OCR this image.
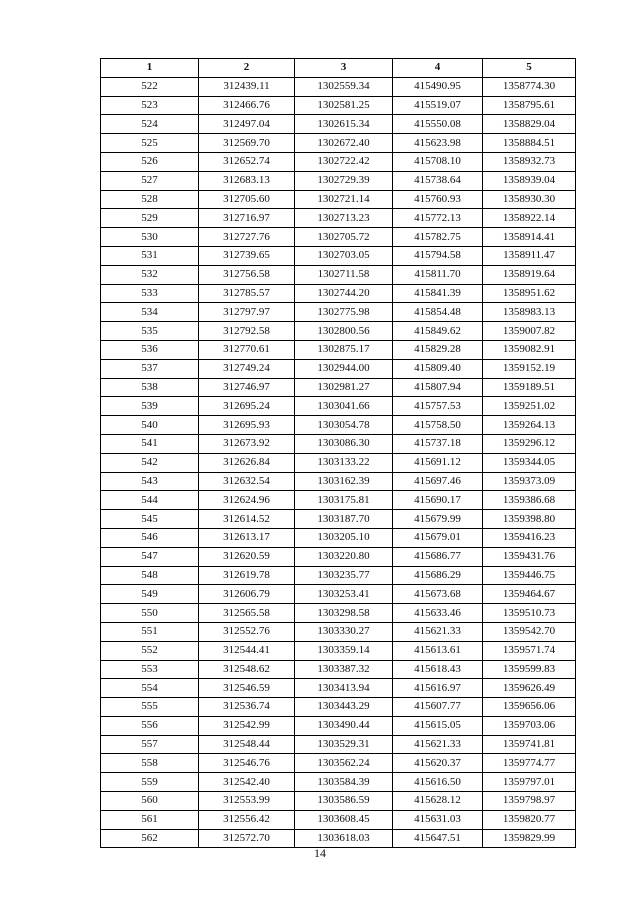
1	2	3	4	5
522	312439.11	1302559.34	415490.95	1358774.30
523	312466.76	1302581.25	415519.07	1358795.61
524	312497.04	1302615.34	415550.08	1358829.04
525	312569.70	1302672.40	415623.98	1358884.51
526	312652.74	1302722.42	415708.10	1358932.73
527	312683.13	1302729.39	415738.64	1358939.04
528	312705.60	1302721.14	415760.93	1358930.30
529	312716.97	1302713.23	415772.13	1358922.14
530	312727.76	1302705.72	415782.75	1358914.41
531	312739.65	1302703.05	415794.58	1358911.47
532	312756.58	1302711.58	415811.70	1358919.64
533	312785.57	1302744.20	415841.39	1358951.62
534	312797.97	1302775.98	415854.48	1358983.13
535	312792.58	1302800.56	415849.62	1359007.82
536	312770.61	1302875.17	415829.28	1359082.91
537	312749.24	1302944.00	415809.40	1359152.19
538	312746.97	1302981.27	415807.94	1359189.51
539	312695.24	1303041.66	415757.53	1359251.02
540	312695.93	1303054.78	415758.50	1359264.13
541	312673.92	1303086.30	415737.18	1359296.12
542	312626.84	1303133.22	415691.12	1359344.05
543	312632.54	1303162.39	415697.46	1359373.09
544	312624.96	1303175.81	415690.17	1359386.68
545	312614.52	1303187.70	415679.99	1359398.80
546	312613.17	1303205.10	415679.01	1359416.23
547	312620.59	1303220.80	415686.77	1359431.76
548	312619.78	1303235.77	415686.29	1359446.75
549	312606.79	1303253.41	415673.68	1359464.67
550	312565.58	1303298.58	415633.46	1359510.73
551	312552.76	1303330.27	415621.33	1359542.70
552	312544.41	1303359.14	415613.61	1359571.74
553	312548.62	1303387.32	415618.43	1359599.83
554	312546.59	1303413.94	415616.97	1359626.49
555	312536.74	1303443.29	415607.77	1359656.06
556	312542.99	1303490.44	415615.05	1359703.06
557	312548.44	1303529.31	415621.33	1359741.81
558	312546.76	1303562.24	415620.37	1359774.77
559	312542.40	1303584.39	415616.50	1359797.01
560	312553.99	1303586.59	415628.12	1359798.97
561	312556.42	1303608.45	415631.03	1359820.77
562	312572.70	1303618.03	415647.51	1359829.99
14
